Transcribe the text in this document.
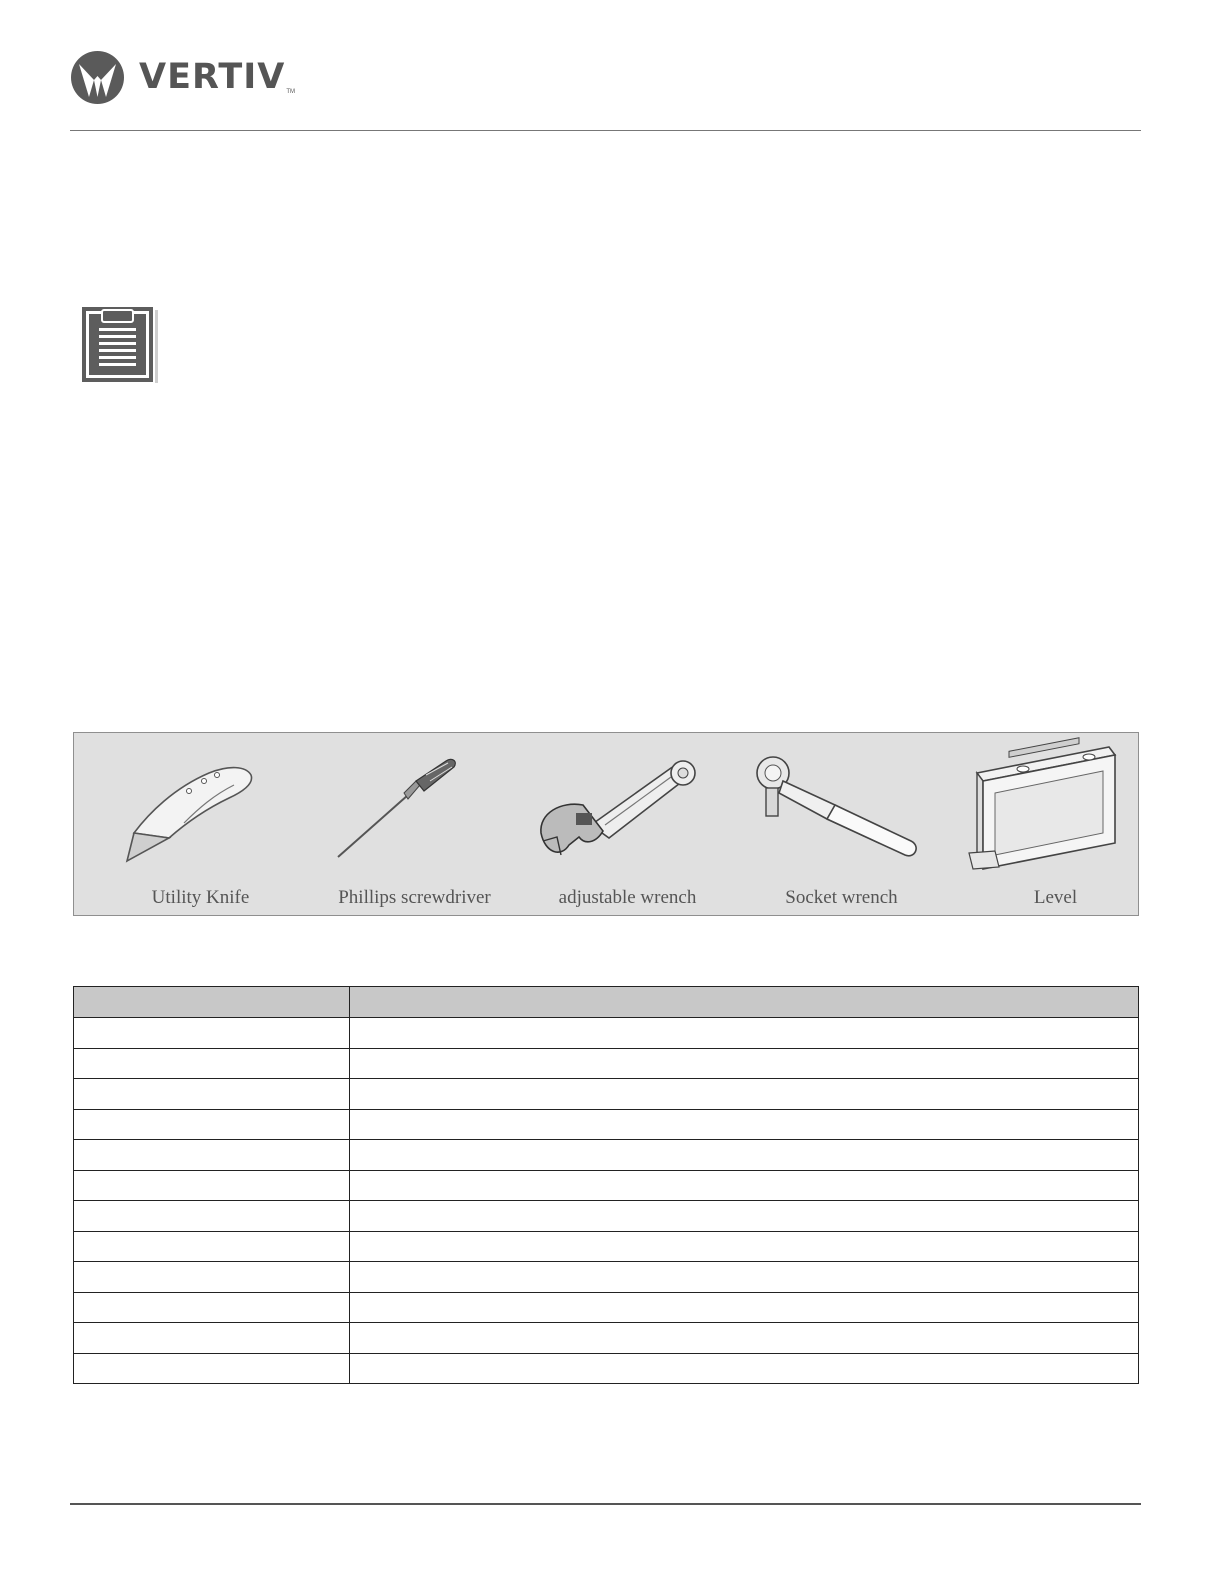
VERTIV TM
Utility Knife	Phillips screwdriver	adjustable wrench	Socket wrench	Level
